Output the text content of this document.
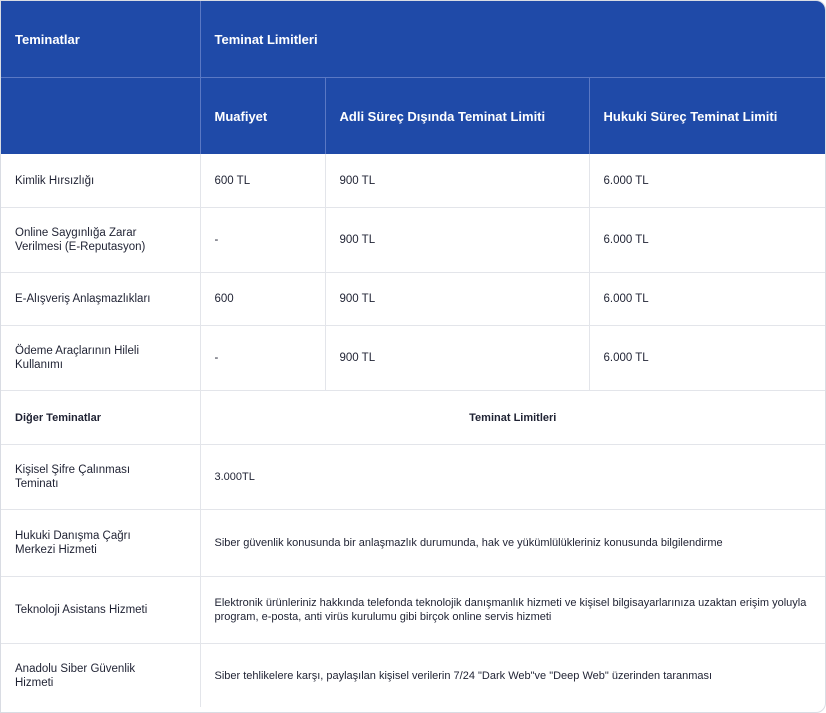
Teminatlar	Teminat Limitleri		
	Muafiyet	Adli Süreç Dışında Teminat Limiti	Hukuki Süreç Teminat Limiti
Kimlik Hırsızlığı	600 TL	900 TL	6.000 TL
Online Saygınlığa Zarar Verilmesi (E-Reputasyon)	-	900 TL	6.000 TL
E-Alışveriş Anlaşmazlıkları	600	900 TL	6.000 TL
Ödeme Araçlarının Hileli Kullanımı	-	900 TL	6.000 TL
Diğer Teminatlar	Teminat Limitleri		
Kişisel Şifre Çalınması Teminatı	3.000TL		
Hukuki Danışma Çağrı Merkezi Hizmeti	Siber güvenlik konusunda bir anlaşmazlık durumunda, hak ve yükümlülükleriniz konusunda bilgilendirme		
Teknoloji Asistans Hizmeti	Elektronik ürünleriniz hakkında telefonda teknolojik danışmanlık hizmeti ve kişisel bilgisayarlarınıza uzaktan erişim yoluyla program, e-posta, anti virüs kurulumu gibi birçok online servis hizmeti		
Anadolu Siber Güvenlik Hizmeti	Siber tehlikelere karşı, paylaşılan kişisel verilerin 7/24 "Dark Web"ve "Deep Web" üzerinden taranması		
